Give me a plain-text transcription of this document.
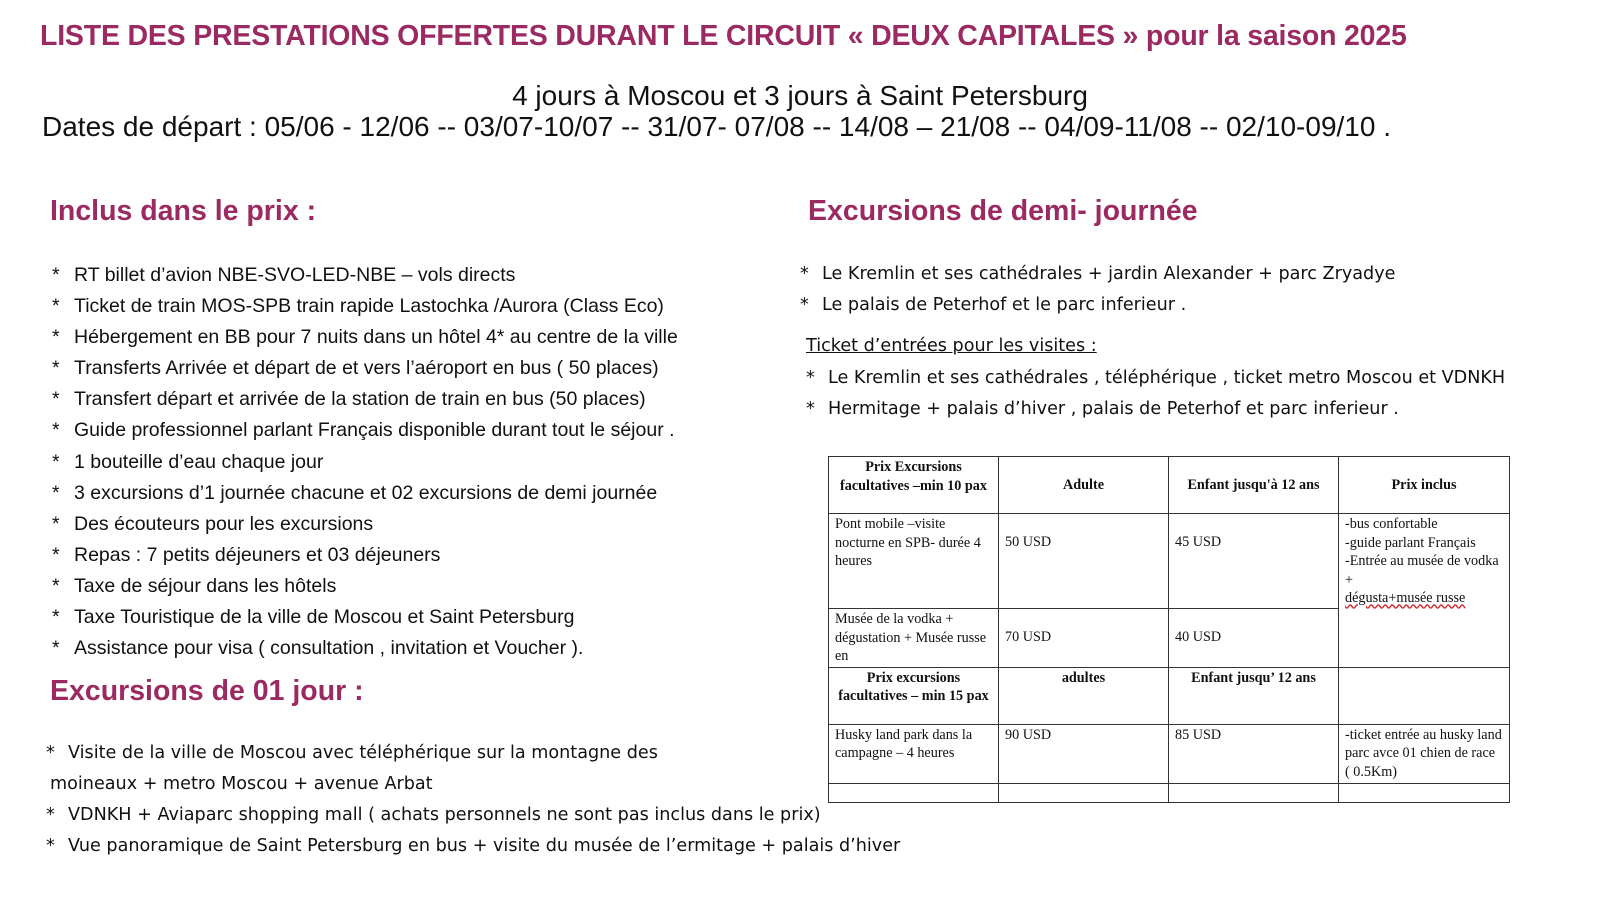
LISTE DES PRESTATIONS OFFERTES DURANT LE CIRCUIT « DEUX CAPITALES » pour la saison 2025
4 jours à Moscou et 3 jours à Saint Petersburg
Dates de départ : 05/06 - 12/06 -- 03/07-10/07 -- 31/07- 07/08 -- 14/08 – 21/08 -- 04/09-11/08 -- 02/10-09/10 .
Inclus dans le prix :
* RT billet d’avion NBE-SVO-LED-NBE – vols directs
* Ticket de train MOS-SPB train rapide Lastochka /Aurora (Class Eco)
* Hébergement en BB pour 7 nuits dans un hôtel 4* au centre de la ville
* Transferts Arrivée et départ de et vers l’aéroport en bus ( 50 places)
* Transfert départ et arrivée de la station de train en bus (50 places)
* Guide professionnel parlant Français disponible durant tout le séjour .
* 1 bouteille d’eau chaque jour
* 3 excursions d’1 journée chacune et 02 excursions de demi journée
* Des écouteurs pour les excursions
* Repas : 7 petits déjeuners et 03 déjeuners
* Taxe de séjour dans les hôtels
* Taxe Touristique de la ville de Moscou et Saint Petersburg
* Assistance pour visa ( consultation , invitation et Voucher ).
Excursions de 01 jour :
* Visite de la ville de Moscou avec téléphérique sur la montagne des
moineaux + metro Moscou + avenue Arbat
* VDNKH + Aviaparc shopping mall ( achats personnels ne sont pas inclus dans le prix)
* Vue panoramique de Saint Petersburg en bus + visite du musée de l’ermitage + palais d’hiver
Excursions de demi- journée
* Le Kremlin et ses cathédrales + jardin Alexander + parc Zryadye
* Le palais de Peterhof et le parc inferieur .
Ticket d’entrées pour les visites :
* Le Kremlin et ses cathédrales , téléphérique , ticket metro Moscou et VDNKH
* Hermitage + palais d’hiver , palais de Peterhof et parc inferieur .
Prix Excursions facultatives –min 10 pax	Adulte	Enfant jusqu'à 12 ans	Prix inclus
Pont mobile –visite nocturne en SPB- durée 4 heures	50 USD	45 USD	-bus confortable
-guide parlant Français
-Entrée au musée de vodka +
dégusta+musée russe

Musée de la vodka + dégustation + Musée russe en	70 USD	40 USD	
Prix excursions facultatives – min 15 pax	adultes	Enfant jusqu’ 12 ans	
Husky land park dans la campagne – 4 heures	90 USD	85 USD	-ticket entrée au husky land parc avce 01 chien de race ( 0.5Km)
